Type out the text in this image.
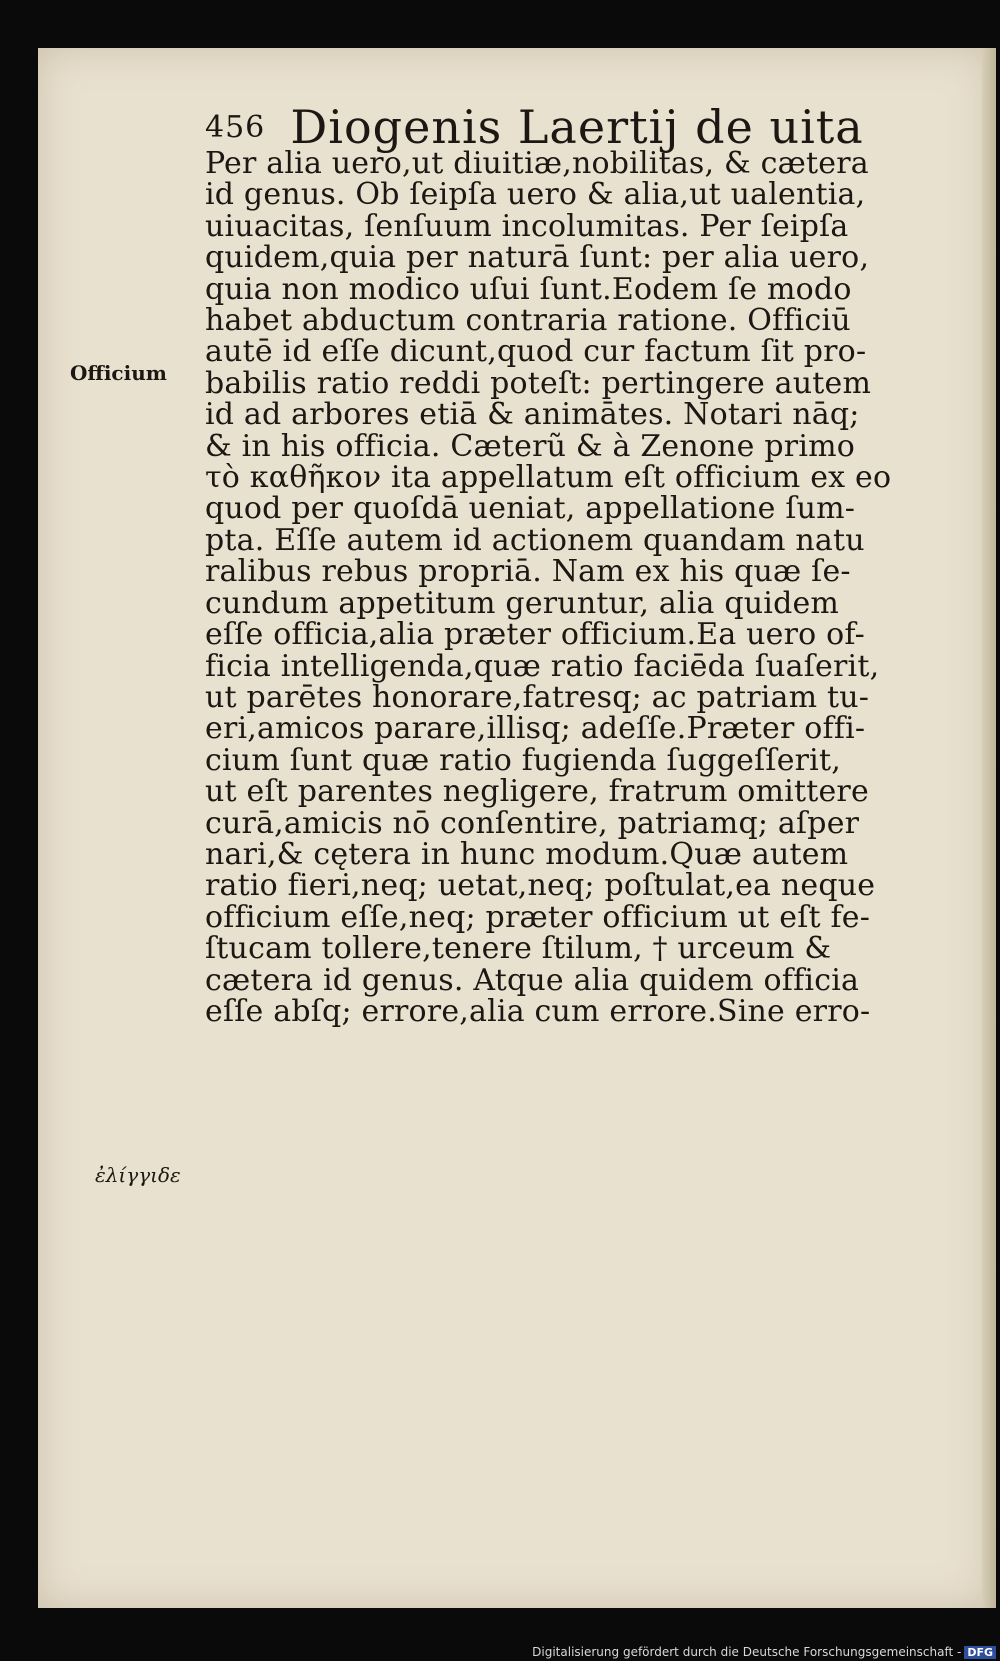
456 Diogenis Laertij de uita
Officium
ἐλίγγιδε
Per alia uero,ut diuitiæ,nobilitas, & cætera
id genus. Ob ſeipſa uero & alia,ut ualentia,
uiuacitas, ſenſuum incolumitas. Per ſeipſa
quidem,quia per naturā ſunt: per alia uero,
quia non modico uſui ſunt.Eodem ſe modo
habet abductum contraria ratione. Officiū
autē id eſſe dicunt,quod cur factum ſit pro-
babilis ratio reddi poteſt: pertingere autem
id ad arbores etiā & animātes. Notari nāq;
& in his officia. Cæterũ & à Zenone primo
τὸ καθῆκον ita appellatum eſt officium ex eo
quod per quoſdā ueniat, appellatione ſum-
pta. Eſſe autem id actionem quandam natu
ralibus rebus propriā. Nam ex his quæ ſe-
cundum appetitum geruntur, alia quidem
eſſe officia,alia præter officium.Ea uero of-
ficia intelligenda,quæ ratio faciēda ſuaſerit,
ut parētes honorare,fatresq; ac patriam tu-
eri,amicos parare,illisq; adeſſe.Præter offi-
cium ſunt quæ ratio fugienda ſuggeſſerit,
ut eſt parentes negligere, fratrum omittere
curā,amicis nō conſentire, patriamq; aſper
nari,& cętera in hunc modum.Quæ autem
ratio fieri,neq; uetat,neq; poſtulat,ea neque
officium eſſe,neq; præter officium ut eſt fe-
ſtucam tollere,tenere ſtilum, † urceum &
cætera id genus. Atque alia quidem officia
eſſe abſq; errore,alia cum errore.Sine erro-
Digitalisierung gefördert durch die Deutsche Forschungsgemeinschaft - DFG
